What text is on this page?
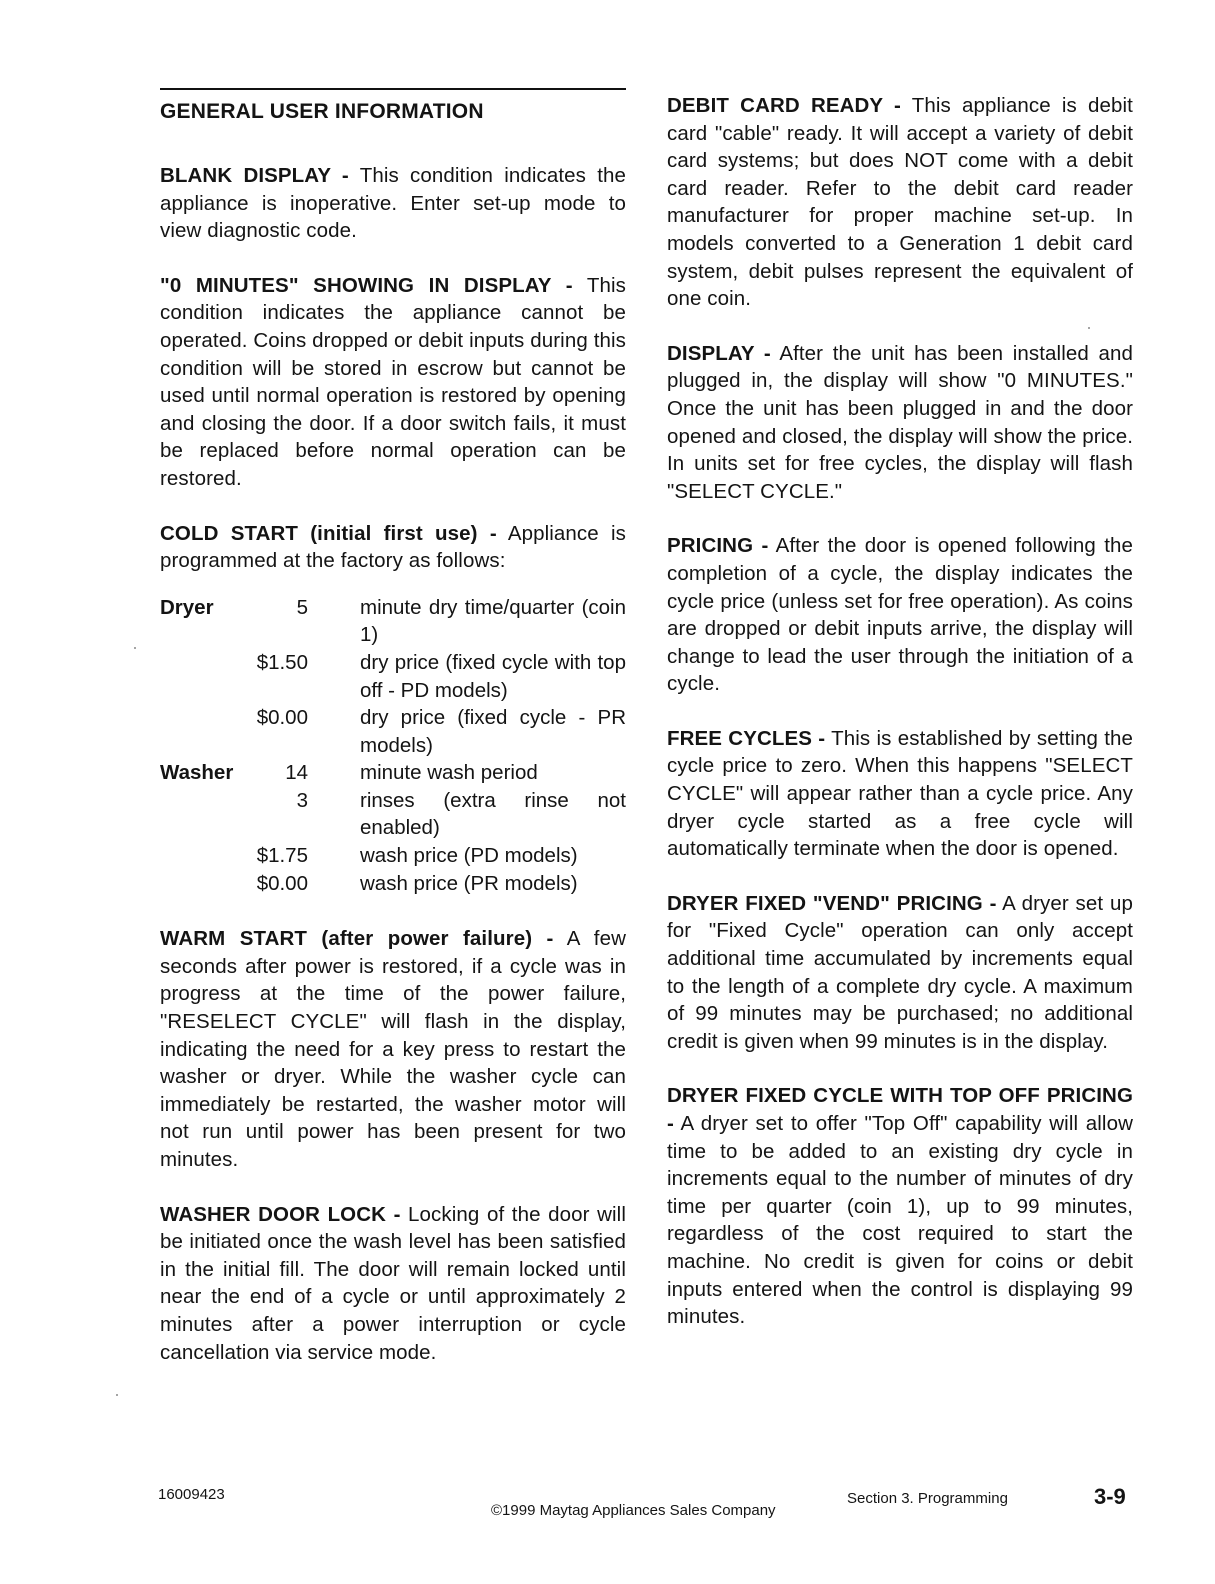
GENERAL USER INFORMATION

BLANK DISPLAY - This condition indicates the appliance is inoperative. Enter set-up mode to view diagnostic code.

"0 MINUTES" SHOWING IN DISPLAY - This condition indicates the appliance cannot be operated. Coins dropped or debit inputs during this condition will be stored in escrow but cannot be used until normal operation is restored by opening and closing the door. If a door switch fails, it must be replaced before normal operation can be restored.

COLD START (initial first use) - Appliance is programmed at the factory as follows:

Dryer	5	minute dry time/quarter (coin 1)
	$1.50	dry price (fixed cycle with top off - PD models)
	$0.00	dry price (fixed cycle - PR models)
Washer	14	minute wash period
	3	rinses (extra rinse not enabled)
	$1.75	wash price (PD models)
	$0.00	wash price (PR models)

WARM START (after power failure) - A few seconds after power is restored, if a cycle was in progress at the time of the power failure, "RESELECT CYCLE" will flash in the display, indicating the need for a key press to restart the washer or dryer. While the washer cycle can immediately be restarted, the washer motor will not run until power has been present for two minutes.

WASHER DOOR LOCK - Locking of the door will be initiated once the wash level has been satisfied in the initial fill. The door will remain locked until near the end of a cycle or until approximately 2 minutes after a power interruption or cycle cancellation via service mode.

DEBIT CARD READY - This appliance is debit card "cable" ready. It will accept a variety of debit card systems; but does NOT come with a debit card reader. Refer to the debit card reader manufacturer for proper machine set-up. In models converted to a Generation 1 debit card system, debit pulses represent the equivalent of one coin.

DISPLAY - After the unit has been installed and plugged in, the display will show "0 MINUTES." Once the unit has been plugged in and the door opened and closed, the display will show the price. In units set for free cycles, the display will flash "SELECT CYCLE."

PRICING - After the door is opened following the completion of a cycle, the display indicates the cycle price (unless set for free operation). As coins are dropped or debit inputs arrive, the display will change to lead the user through the initiation of a cycle.

FREE CYCLES - This is established by setting the cycle price to zero. When this happens "SELECT CYCLE" will appear rather than a cycle price. Any dryer cycle started as a free cycle will automatically terminate when the door is opened.

DRYER FIXED "VEND" PRICING - A dryer set up for "Fixed Cycle" operation can only accept additional time accumulated by increments equal to the length of a complete dry cycle. A maximum of 99 minutes may be purchased; no additional credit is given when 99 minutes is in the display.

DRYER FIXED CYCLE WITH TOP OFF PRICING - A dryer set to offer "Top Off" capability will allow time to be added to an existing dry cycle in increments equal to the number of minutes of dry time per quarter (coin 1), up to 99 minutes, regardless of the cost required to start the machine. No credit is given for coins or debit inputs entered when the control is displaying 99 minutes.

16009423
©1999 Maytag Appliances Sales Company
Section 3. Programming	3-9
